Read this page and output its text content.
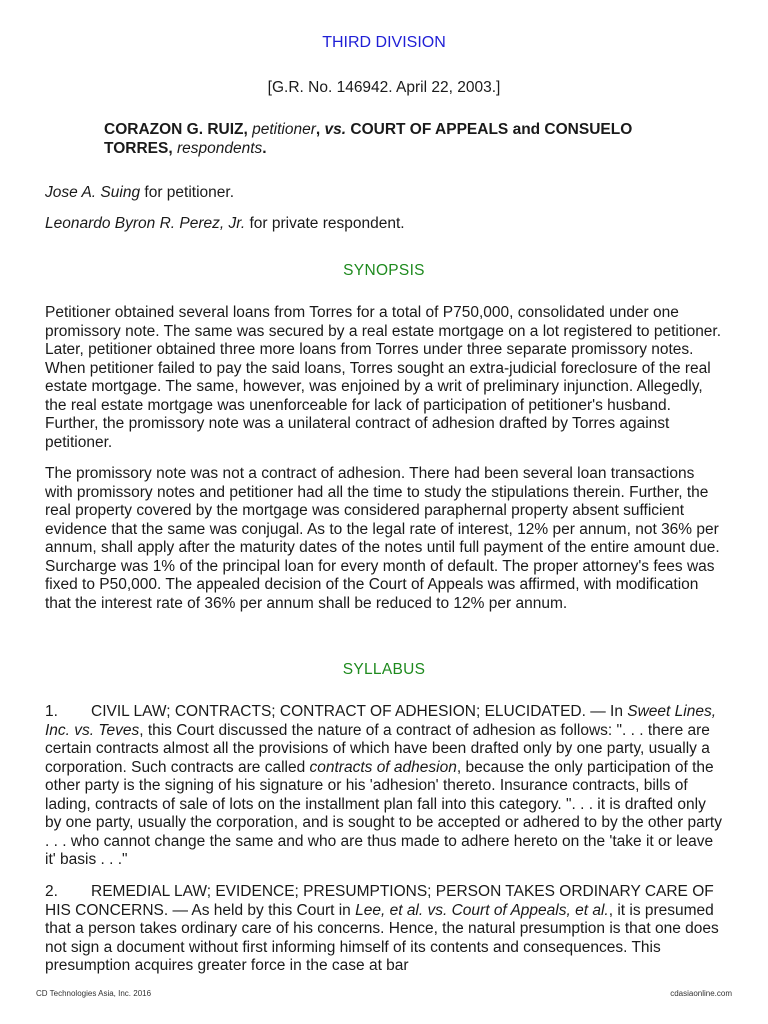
THIRD DIVISION
[G.R. No. 146942. April 22, 2003.]
CORAZON G. RUIZ, petitioner, vs. COURT OF APPEALS and CONSUELO TORRES, respondents.
Jose A. Suing for petitioner.
Leonardo Byron R. Perez, Jr. for private respondent.
SYNOPSIS
Petitioner obtained several loans from Torres for a total of P750,000, consolidated under one promissory note. The same was secured by a real estate mortgage on a lot registered to petitioner. Later, petitioner obtained three more loans from Torres under three separate promissory notes. When petitioner failed to pay the said loans, Torres sought an extra-judicial foreclosure of the real estate mortgage. The same, however, was enjoined by a writ of preliminary injunction. Allegedly, the real estate mortgage was unenforceable for lack of participation of petitioner's husband. Further, the promissory note was a unilateral contract of adhesion drafted by Torres against petitioner.
The promissory note was not a contract of adhesion. There had been several loan transactions with promissory notes and petitioner had all the time to study the stipulations therein. Further, the real property covered by the mortgage was considered paraphernal property absent sufficient evidence that the same was conjugal. As to the legal rate of interest, 12% per annum, not 36% per annum, shall apply after the maturity dates of the notes until full payment of the entire amount due. Surcharge was 1% of the principal loan for every month of default. The proper attorney's fees was fixed to P50,000. The appealed decision of the Court of Appeals was affirmed, with modification that the interest rate of 36% per annum shall be reduced to 12% per annum.
SYLLABUS
1. CIVIL LAW; CONTRACTS; CONTRACT OF ADHESION; ELUCIDATED. — In Sweet Lines, Inc. vs. Teves, this Court discussed the nature of a contract of adhesion as follows: ". . . there are certain contracts almost all the provisions of which have been drafted only by one party, usually a corporation. Such contracts are called contracts of adhesion, because the only participation of the other party is the signing of his signature or his 'adhesion' thereto. Insurance contracts, bills of lading, contracts of sale of lots on the installment plan fall into this category. ". . . it is drafted only by one party, usually the corporation, and is sought to be accepted or adhered to by the other party . . . who cannot change the same and who are thus made to adhere hereto on the 'take it or leave it' basis . . ."
2. REMEDIAL LAW; EVIDENCE; PRESUMPTIONS; PERSON TAKES ORDINARY CARE OF HIS CONCERNS. — As held by this Court in Lee, et al. vs. Court of Appeals, et al., it is presumed that a person takes ordinary care of his concerns. Hence, the natural presumption is that one does not sign a document without first informing himself of its contents and consequences. This presumption acquires greater force in the case at bar
CD Technologies Asia, Inc. 2016	cdasiaonline.com
